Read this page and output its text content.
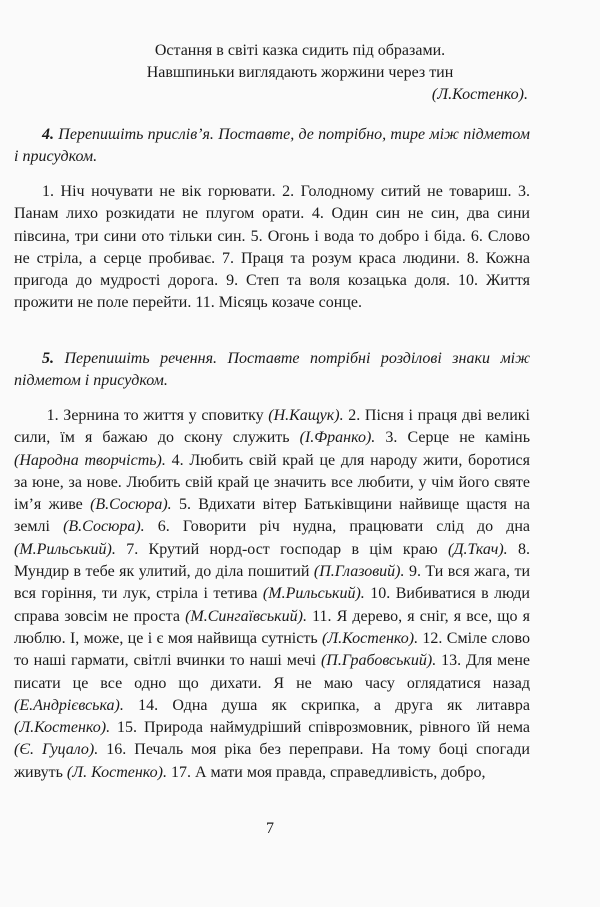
Остання в світі казка сидить під образами.
Навшпиньки виглядають жоржини через тин
(Л.Костенко).
4. Перепишіть прислів’я. Поставте, де потрібно, тире між підметом і присудком.
1. Ніч ночувати не вік горювати. 2. Голодному ситий не товариш. 3. Панам лихо розкидати не плугом орати. 4. Один син не син, два сини півсина, три сини ото тільки син. 5. Огонь і вода то добро і біда. 6. Слово не стріла, а серце пробиває. 7. Праця та розум краса людини. 8. Кожна пригода до мудрості дорога. 9. Степ та воля козацька доля. 10. Життя прожити не поле перейти. 11. Місяць козаче сонце.
5. Перепишіть речення. Поставте потрібні розділові знаки між підметом і присудком.
1. Зернина то життя у сповитку (Н.Кащук). 2. Пісня і праця дві великі сили, їм я бажаю до скону служить (І.Франко). 3. Серце не камінь (Народна творчість). 4. Любить свій край це для народу жити, боротися за юне, за нове. Любить свій край це значить все любити, у чім його святе ім’я живе (В.Сосюра). 5. Вдихати вітер Батьківщини найвище щастя на землі (В.Сосюра). 6. Говорити річ нудна, працювати слід до дна (М.Рильський). 7. Крутий норд-ост господар в цім краю (Д.Ткач). 8. Мундир в тебе як улитий, до діла пошитий (П.Глазовий). 9. Ти вся жага, ти вся горіння, ти лук, стріла і тетива (М.Рильський). 10. Вибиватися в люди справа зовсім не проста (М.Сингаївський). 11. Я дерево, я сніг, я все, що я люблю. І, може, це і є моя найвища сутність (Л.Костенко). 12. Сміле слово то наші гармати, світлі вчинки то наші мечі (П.Грабовський). 13. Для мене писати це все одно що дихати. Я не маю часу оглядатися назад (Е.Андрієвська). 14. Одна душа як скрипка, а друга як литавра (Л.Костенко). 15. Природа наймудріший співрозмовник, рівного їй нема (Є. Гуцало). 16. Печаль моя ріка без переправи. На тому боці спогади живуть (Л. Костенко). 17. А мати моя правда, справедливість, добро,
7
